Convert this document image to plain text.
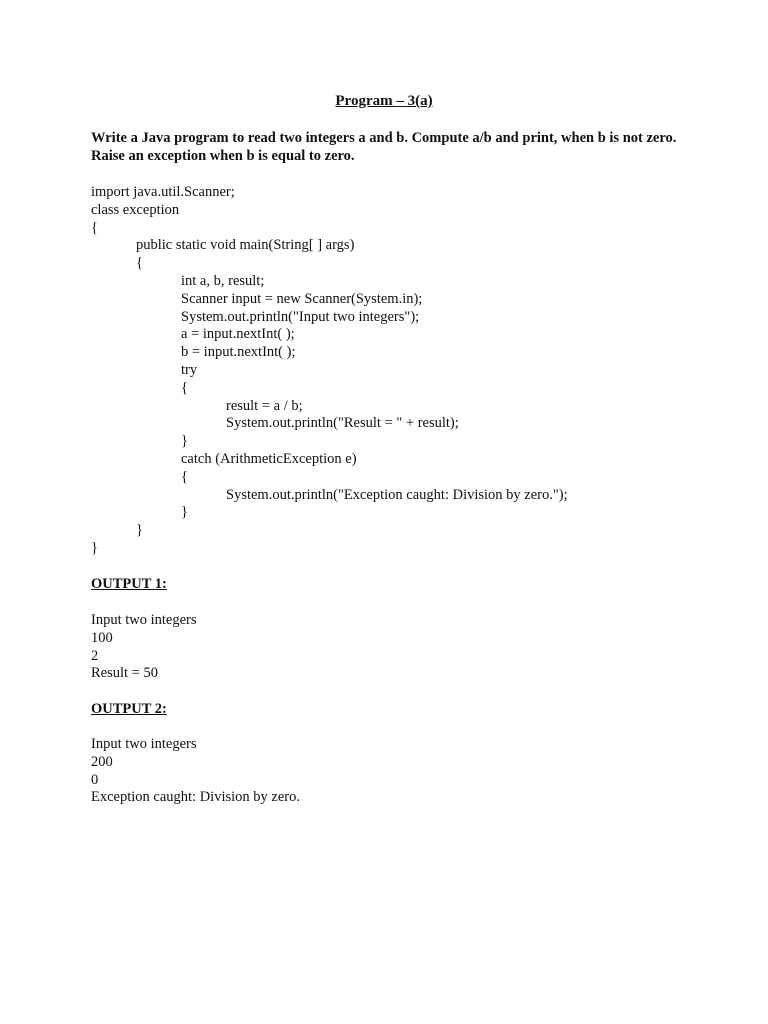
Program – 3(a)

Write a Java program to read two integers a and b. Compute a/b and print, when b is not zero. Raise an exception when b is equal to zero.

import java.util.Scanner;
class exception
{
public static void main(String[ ] args)
{
int a, b, result;
Scanner input = new Scanner(System.in);
System.out.println("Input two integers");
a = input.nextInt( );
b = input.nextInt( );
try
{
result = a / b;
System.out.println("Result = " + result);
}
catch (ArithmeticException e)
{
System.out.println("Exception caught: Division by zero.");
}
}
}
OUTPUT 1:
Input two integers
100
2
Result = 50
OUTPUT 2:
Input two integers
200
0
Exception caught: Division by zero.
